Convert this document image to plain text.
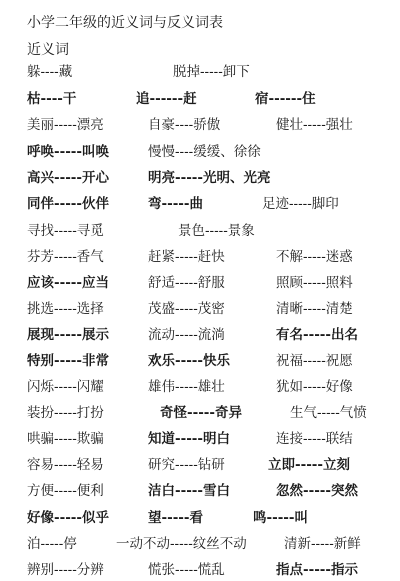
小学二年级的近义词与反义词表
近义词
躲----藏	脱掉-----卸下
枯----干	追------赶	宿------住
美丽-----漂亮	自豪----骄傲	健壮-----强壮
呼唤-----叫唤	慢慢----缓缓、徐徐
高兴-----开心	明亮-----光明、光亮
同伴-----伙伴	弯-----曲	足迹-----脚印
寻找-----寻觅	景色-----景象
芬芳-----香气	赶紧-----赶快	不解-----迷惑
应该-----应当	舒适-----舒服	照顾-----照料
挑选-----选择	茂盛-----茂密	清晰-----清楚
展现-----展示	流动-----流淌	有名-----出名
特别-----非常	欢乐-----快乐	祝福-----祝愿
闪烁-----闪耀	雄伟-----雄壮	犹如-----好像
装扮-----打扮	奇怪-----奇异	生气-----气愤
哄骗-----欺骗	知道-----明白	连接-----联结
容易-----轻易	研究-----钻研	立即-----立刻
方便-----便利	洁白-----雪白	忽然-----突然
好像-----似乎	望-----看	鸣-----叫
泊-----停	一动不动-----纹丝不动	清新-----新鲜
辨别-----分辨	慌张-----慌乱	指点-----指示
